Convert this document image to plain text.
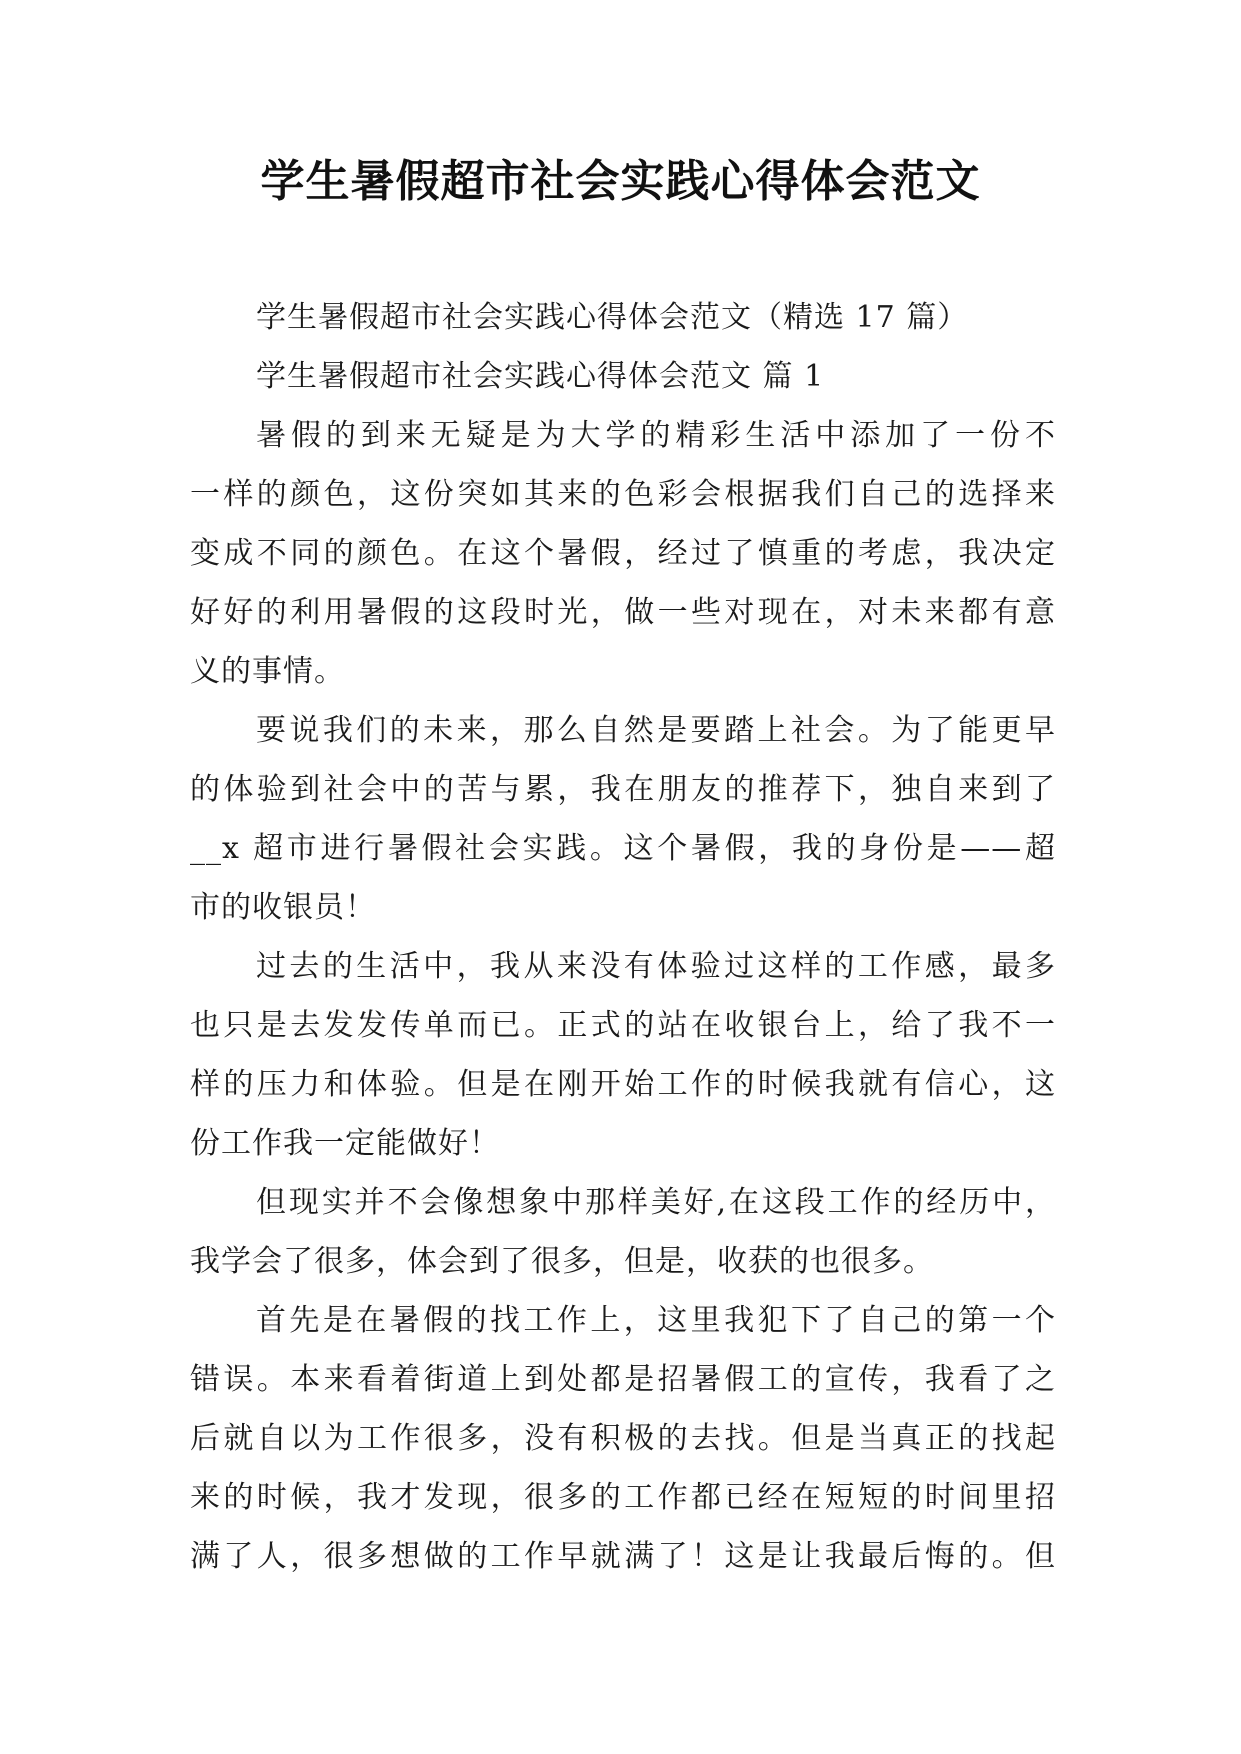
学生暑假超市社会实践心得体会范文
学生暑假超市社会实践心得体会范文（精选 17 篇）
学生暑假超市社会实践心得体会范文 篇 1
暑假的到来无疑是为大学的精彩生活中添加了一份不
一样的颜色，这份突如其来的色彩会根据我们自己的选择来
变成不同的颜色。在这个暑假，经过了慎重的考虑，我决定
好好的利用暑假的这段时光，做一些对现在，对未来都有意
义的事情。
要说我们的未来，那么自然是要踏上社会。为了能更早
的体验到社会中的苦与累，我在朋友的推荐下，独自来到了
__x 超市进行暑假社会实践。这个暑假，我的身份是——超
市的收银员！
过去的生活中，我从来没有体验过这样的工作感，最多
也只是去发发传单而已。正式的站在收银台上，给了我不一
样的压力和体验。但是在刚开始工作的时候我就有信心，这
份工作我一定能做好！
但现实并不会像想象中那样美好,在这段工作的经历中，
我学会了很多，体会到了很多，但是，收获的也很多。
首先是在暑假的找工作上，这里我犯下了自己的第一个
错误。本来看着街道上到处都是招暑假工的宣传，我看了之
后就自以为工作很多，没有积极的去找。但是当真正的找起
来的时候，我才发现，很多的工作都已经在短短的时间里招
满了人，很多想做的工作早就满了！这是让我最后悔的。但
